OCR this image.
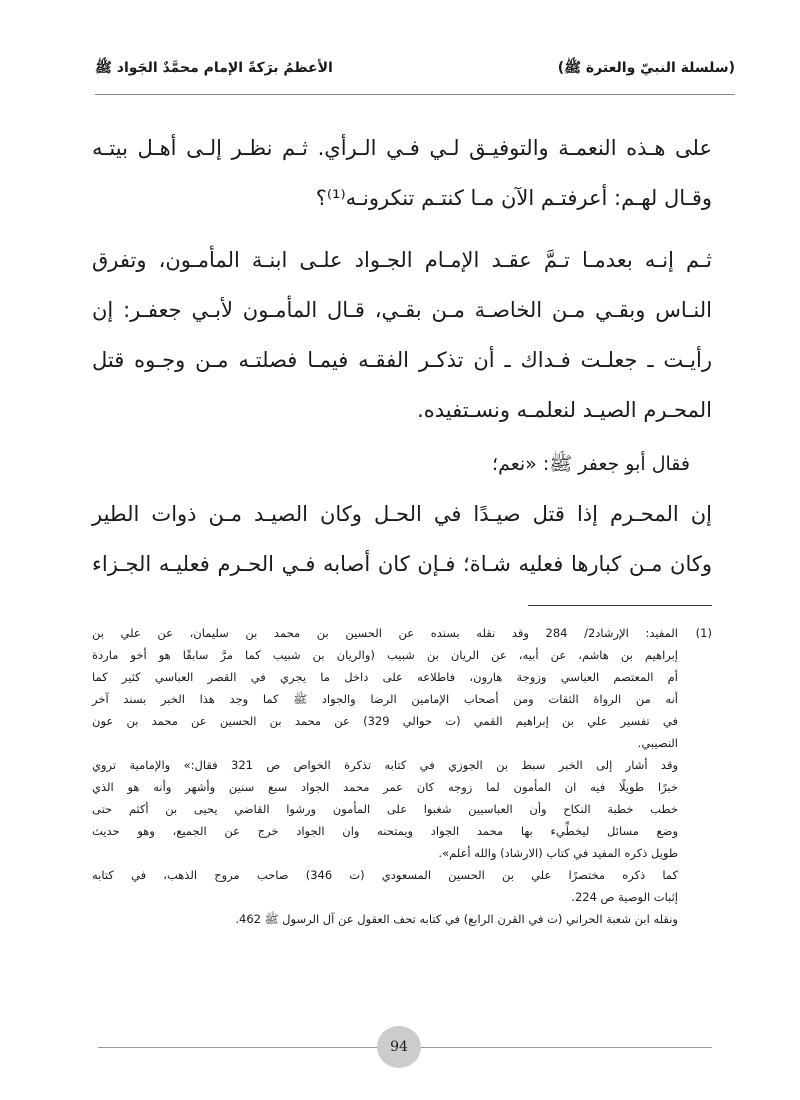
(سلسلة النبيّ والعترة ﷺ)
الأعظمُ برَكةً الإمام محمَّدٌ الجَواد ﷺ
على هـذه النعمـة والتوفيـق لـي فـي الـرأي. ثـم نظـر إلـى أهـل بيتـه
وقـال لهـم: أعرفتـم الآن مـا كنتـم تنكرونـه⁽¹⁾؟
ثـم إنـه بعدمـا تـمَّ عقـد الإمـام الجـواد علـى ابنـة المأمـون، وتفرق
النـاس وبقـي مـن الخاصـة مـن بقـي، قـال المأمـون لأبـي جعفـر: إن
رأيـت ـ جعلـت فـداك ـ أن تذكـر الفقـه فيمـا فصلتـه مـن وجـوه قتل
المحـرم الصيـد لنعلمـه ونسـتفيده.
فقال أبو جعفر ﷺ: «نعم؛
إن المحـرم إذا قتل صيـدًا في الحـل وكان الصيـد مـن ذوات الطير
وكان مـن كبارها فعليه شـاة؛ فـإن كان أصابه فـي الحـرم فعليـه الجـزاء
(1)
المفيد: الإرشاد2/ 284 وقد نقله بسنده عن الحسين بن محمد بن سليمان، عن علي بن
إبراهيم بن هاشم، عن أبيه، عن الريان بن شبيب (والريان بن شبيب كما مرَّ سابقًا هو أخو ماردة
أم المعتصم العباسي وزوجة هارون، فاطلاعه على داخل ما يجري في القصر العباسي كثير كما
أنه من الرواة الثقات ومن أصحاب الإمامين الرضا والجواد ﷺ كما وجد هذا الخبر بسند آخر
في تفسير علي بن إبراهيم القمي (ت حوالي 329) عن محمد بن الحسين عن محمد بن عون
النصيبي.
وقد أشار إلى الخبر سبط بن الجوزي في كتابه تذكرة الخواص ص 321 فقال:» والإمامية تروي
خبرًا طويلًا فيه ان المأمون لما زوجه كان عمر محمد الجواد سبع سنين وأشهر وأنه هو الذي
خطب خطبة النكاح وأن العباسيين شغبوا على المأمون ورشوا القاضي يحيى بن أكثم حتى
وضع مسائل ليخطِّيء بها محمد الجواد ويمتحنه وان الجواد خرج عن الجميع، وهو حديث
طويل ذكره المفيد في كتاب (الارشاد) والله أعلم».
كما ذكره مختصرًا علي بن الحسين المسعودي (ت 346) صاحب مروج الذهب، في كتابه
إثبات الوصية ص 224.
ونقله ابن شعبة الحراني (ت في القرن الرابع) في كتابه تحف العقول عن آل الرسول ﷺ 462.
94
